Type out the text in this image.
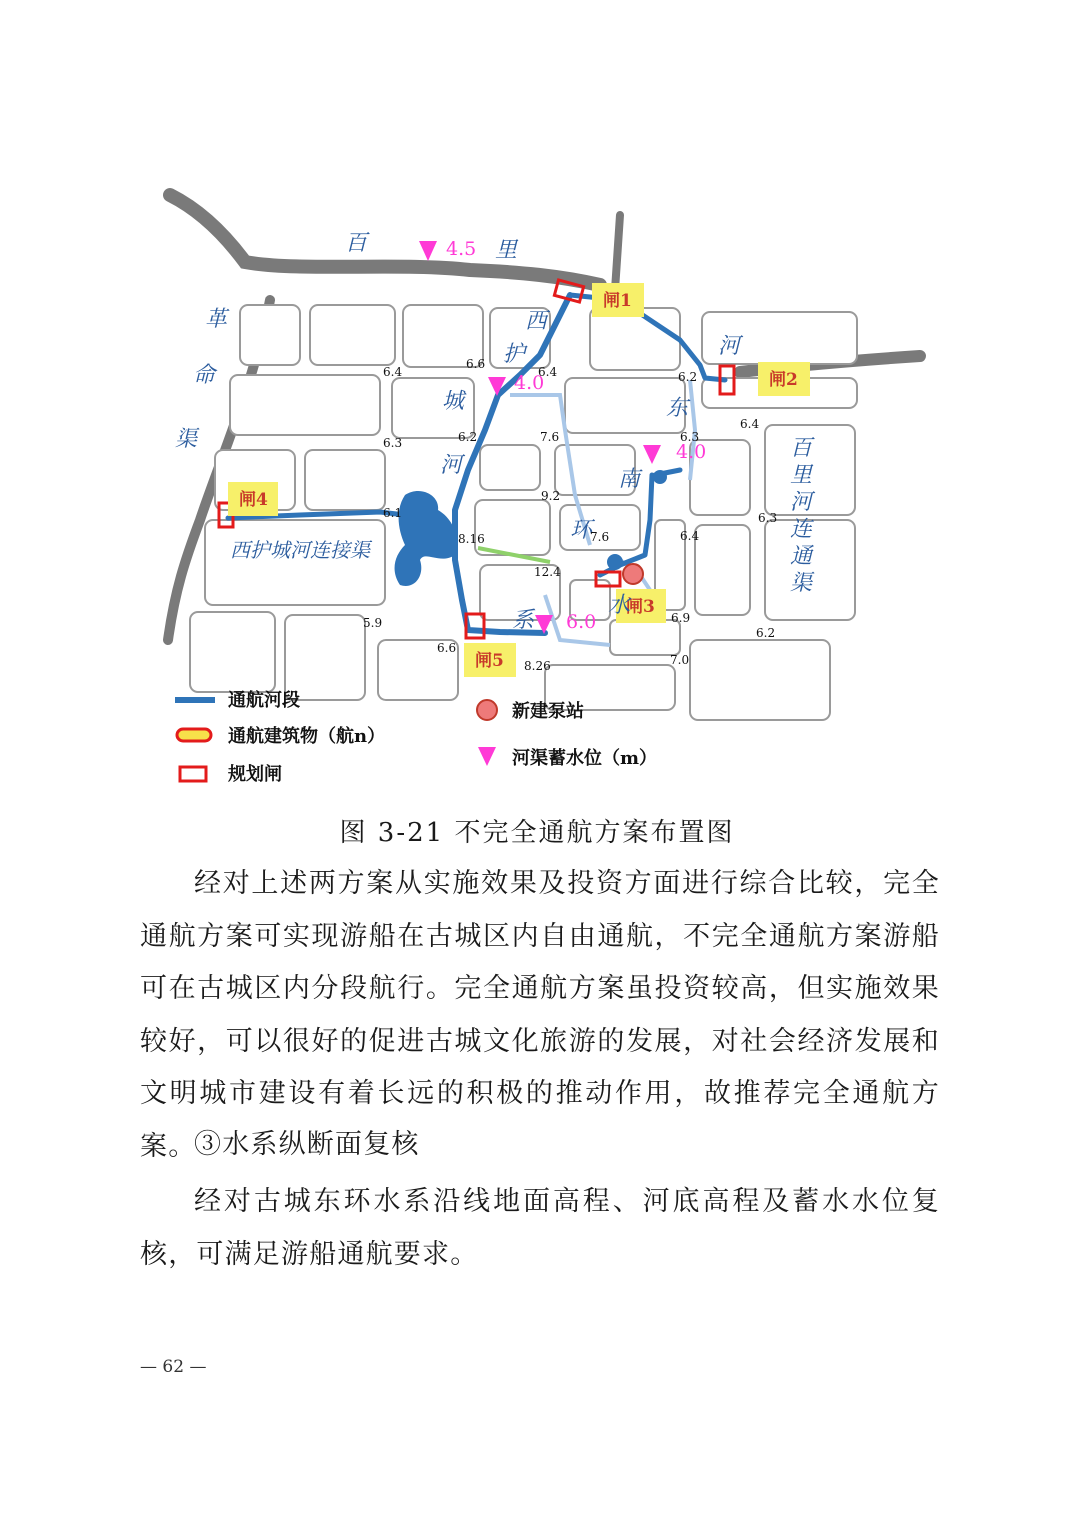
闸1
闸2
闸3
闸4
闸5
4.5
4.0
4.0
6.0
百	里
革
命
渠
西
护
城
河
河
东
南
百
里
河
连
通
渠
环
系
水
西护城河连接渠
6.4
6.6
6.4	6.2
6.3	6.2	7.6	6.3
6.4
9.2
6.1
8.16	7.6	6.4
6.3
12.4
5.9
6.6
6.9
6.2
8.26	7.0
通航河段
通航建筑物（航n）
规划闸
新建泵站
河渠蓄水位（m）
图 3-21 不完全通航方案布置图

经对上述两方案从实施效果及投资方面进行综合比较，完全通航方案可实现游船在古城区内自由通航，不完全通航方案游船可在古城区内分段航行。完全通航方案虽投资较高，但实施效果较好，可以很好的促进古城文化旅游的发展，对社会经济发展和文明城市建设有着长远的积极的推动作用，故推荐完全通航方案。

③水系纵断面复核

经对古城东环水系沿线地面高程、河底高程及蓄水水位复核，可满足游船通航要求。

— 62 —
